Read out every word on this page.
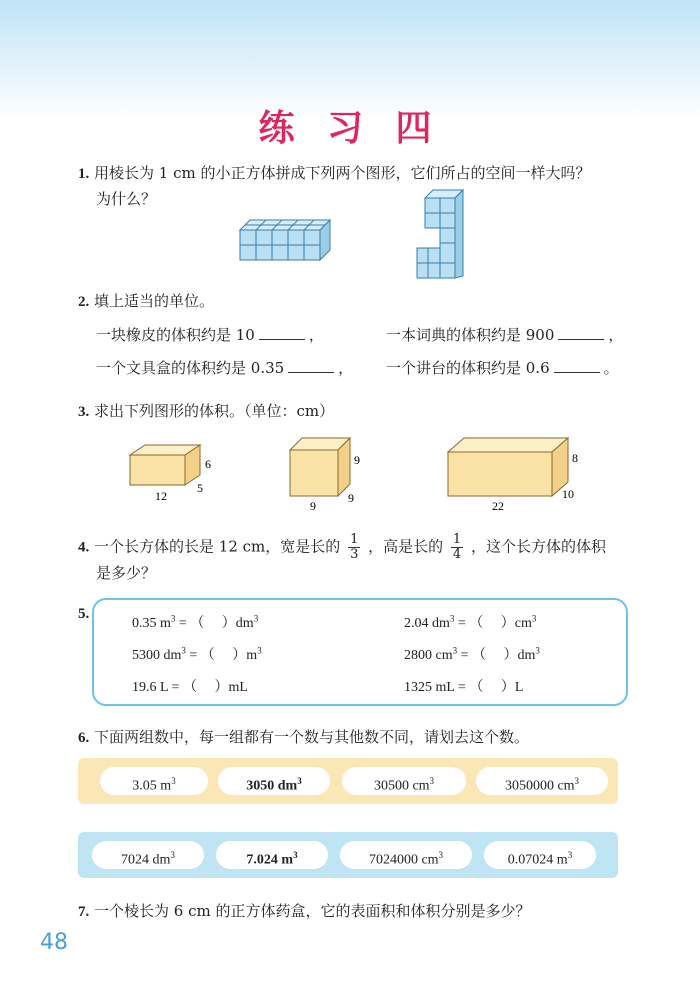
练 习 四
1. 用棱长为 1 cm 的小正方体拼成下列两个图形，它们所占的空间一样大吗？
为什么？
2. 填上适当的单位。
一块橡皮的体积约是 10	，	一本词典的体积约是 900	，
一个文具盒的体积约是 0.35	， 一个讲台的体积约是 0.6	。
3. 求出下列图形的体积。（单位：cm）
12
5
6
9
9
9
22
10
8
4. 一个长方体的长是 12 cm，宽是长的 $\frac{1}{3}$ ，高是长的 $\frac{1}{4}$ ，这个长方体的体积
是多少？
5.
0.35 $m^3$ = （　 ）$dm^3$	2.04 $dm^3$ = （　 ）$cm^3$
5300 $dm^3$ = （　 ）$m^3$	2800 $cm^3$ = （　 ）$dm^3$
19.6 L = （　 ）mL	1325 mL = （　 ）L
6. 下面两组数中，每一组都有一个数与其他数不同，请划去这个数。
3.05 $m^3$	3050 $dm^3$	30500 $cm^3$	3050000 $cm^3$
7024 $dm^3$	7.024 $m^3$	7024000 $cm^3$	0.07024 $m^3$
7. 一个棱长为 6 cm 的正方体药盒，它的表面积和体积分别是多少？
48
